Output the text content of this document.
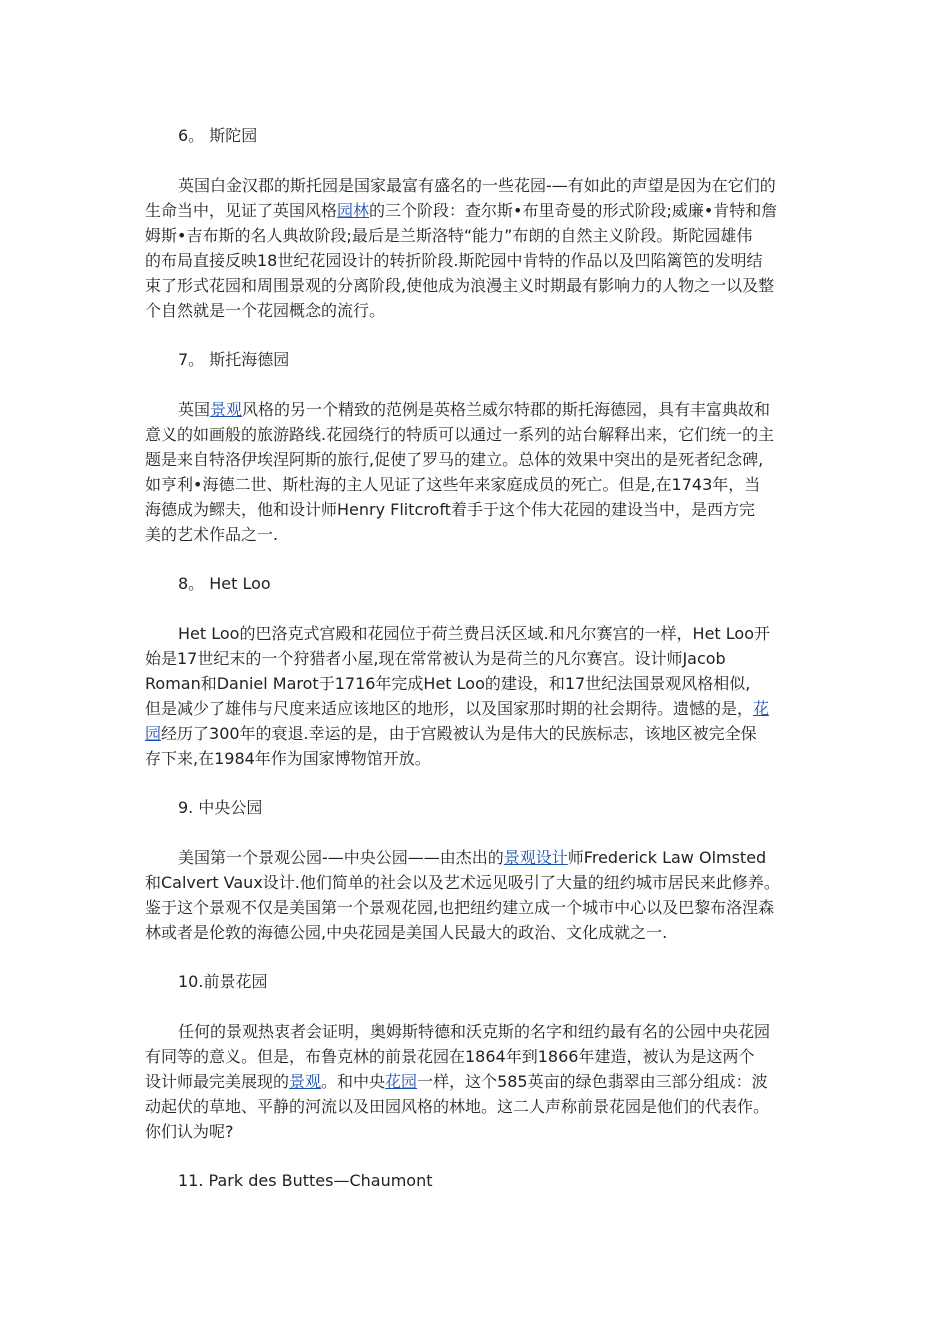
6。 斯陀园
英国白金汉郡的斯托园是国家最富有盛名的一些花园-—有如此的声望是因为在它们的
生命当中，见证了英国风格园林的三个阶段：查尔斯•布里奇曼的形式阶段;威廉•肯特和詹
姆斯•吉布斯的名人典故阶段;最后是兰斯洛特“能力”布朗的自然主义阶段。斯陀园雄伟
的布局直接反映18世纪花园设计的转折阶段.斯陀园中肯特的作品以及凹陷篱笆的发明结
束了形式花园和周围景观的分离阶段,使他成为浪漫主义时期最有影响力的人物之一以及整
个自然就是一个花园概念的流行。
7。 斯托海德园
英国景观风格的另一个精致的范例是英格兰威尔特郡的斯托海德园，具有丰富典故和
意义的如画般的旅游路线.花园绕行的特质可以通过一系列的站台解释出来，它们统一的主
题是来自特洛伊埃涅阿斯的旅行,促使了罗马的建立。总体的效果中突出的是死者纪念碑,
如亨利•海德二世、斯杜海的主人见证了这些年来家庭成员的死亡。但是,在1743年，当
海德成为鳏夫，他和设计师Henry Flitcroft着手于这个伟大花园的建设当中，是西方完
美的艺术作品之一.
8。 Het Loo
Het Loo的巴洛克式宫殿和花园位于荷兰费吕沃区域.和凡尔赛宫的一样，Het Loo开
始是17世纪末的一个狩猎者小屋,现在常常被认为是荷兰的凡尔赛宫。设计师Jacob
Roman和Daniel Marot于1716年完成Het Loo的建设，和17世纪法国景观风格相似,
但是减少了雄伟与尺度来适应该地区的地形，以及国家那时期的社会期待。遗憾的是，花
园经历了300年的衰退.幸运的是，由于宫殿被认为是伟大的民族标志，该地区被完全保
存下来,在1984年作为国家博物馆开放。
9. 中央公园
美国第一个景观公园-—中央公园——由杰出的景观设计师Frederick Law Olmsted
和Calvert Vaux设计.他们简单的社会以及艺术远见吸引了大量的纽约城市居民来此修养。
鉴于这个景观不仅是美国第一个景观花园,也把纽约建立成一个城市中心以及巴黎布洛涅森
林或者是伦敦的海德公园,中央花园是美国人民最大的政治、文化成就之一.
10.前景花园
任何的景观热衷者会证明，奥姆斯特德和沃克斯的名字和纽约最有名的公园中央花园
有同等的意义。但是，布鲁克林的前景花园在1864年到1866年建造，被认为是这两个
设计师最完美展现的景观。和中央花园一样，这个585英亩的绿色翡翠由三部分组成：波
动起伏的草地、平静的河流以及田园风格的林地。这二人声称前景花园是他们的代表作。
你们认为呢?
11. Park des Buttes—Chaumont
